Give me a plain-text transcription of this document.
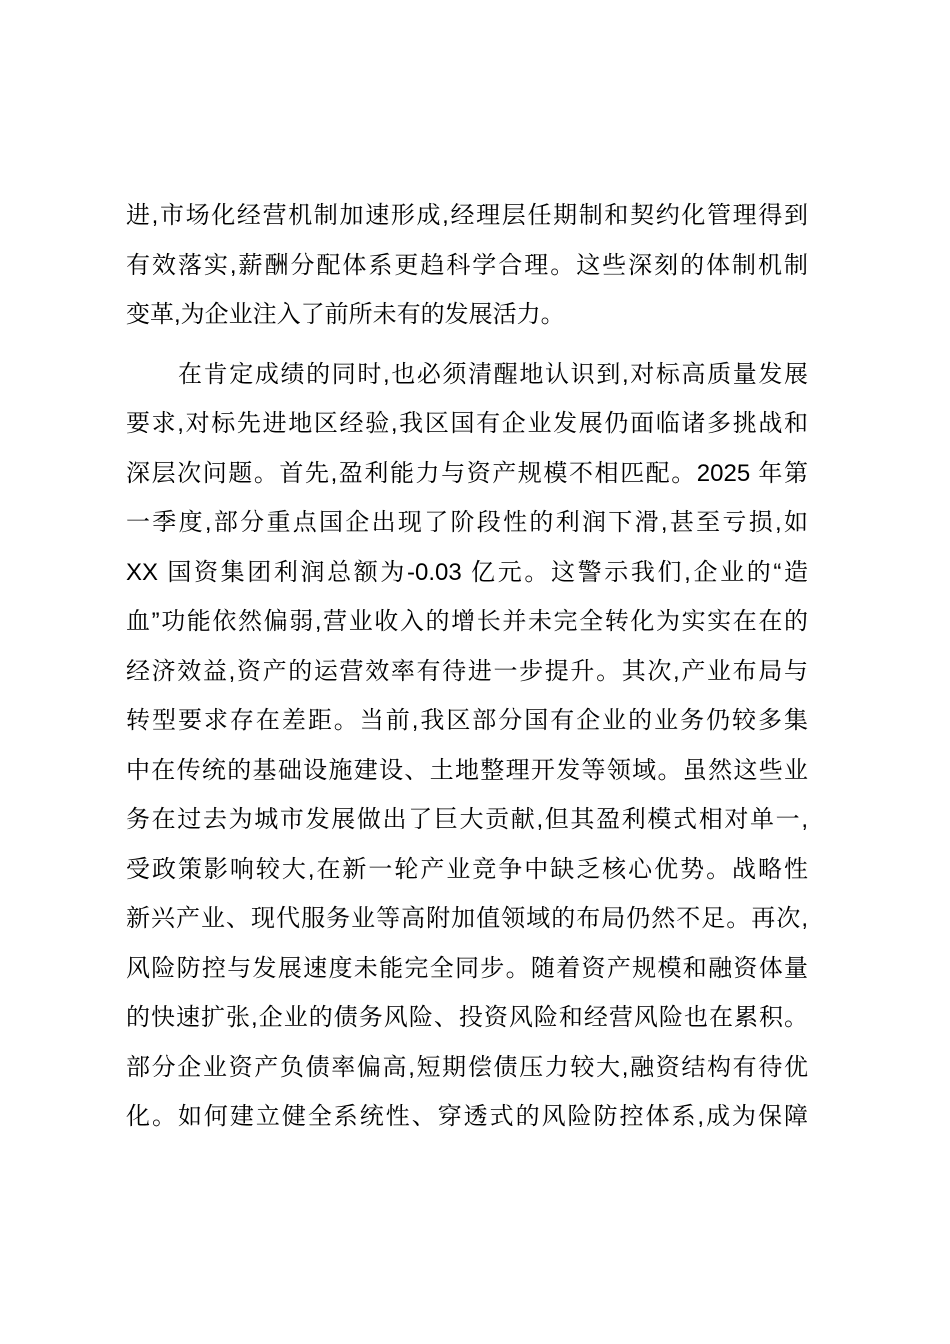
进,市场化经营机制加速形成,经理层任期制和契约化管理得到
有效落实,薪酬分配体系更趋科学合理。这些深刻的体制机制
变革,为企业注入了前所未有的发展活力。
在肯定成绩的同时,也必须清醒地认识到,对标高质量发展
要求,对标先进地区经验,我区国有企业发展仍面临诸多挑战和
深层次问题。首先,盈利能力与资产规模不相匹配。2025 年第
一季度,部分重点国企出现了阶段性的利润下滑,甚至亏损,如
XX 国资集团利润总额为-0.03 亿元。这警示我们,企业的“造
血”功能依然偏弱,营业收入的增长并未完全转化为实实在在的
经济效益,资产的运营效率有待进一步提升。其次,产业布局与
转型要求存在差距。当前,我区部分国有企业的业务仍较多集
中在传统的基础设施建设、土地整理开发等领域。虽然这些业
务在过去为城市发展做出了巨大贡献,但其盈利模式相对单一,
受政策影响较大,在新一轮产业竞争中缺乏核心优势。战略性
新兴产业、现代服务业等高附加值领域的布局仍然不足。再次,
风险防控与发展速度未能完全同步。随着资产规模和融资体量
的快速扩张,企业的债务风险、投资风险和经营风险也在累积。
部分企业资产负债率偏高,短期偿债压力较大,融资结构有待优
化。如何建立健全系统性、穿透式的风险防控体系,成为保障
